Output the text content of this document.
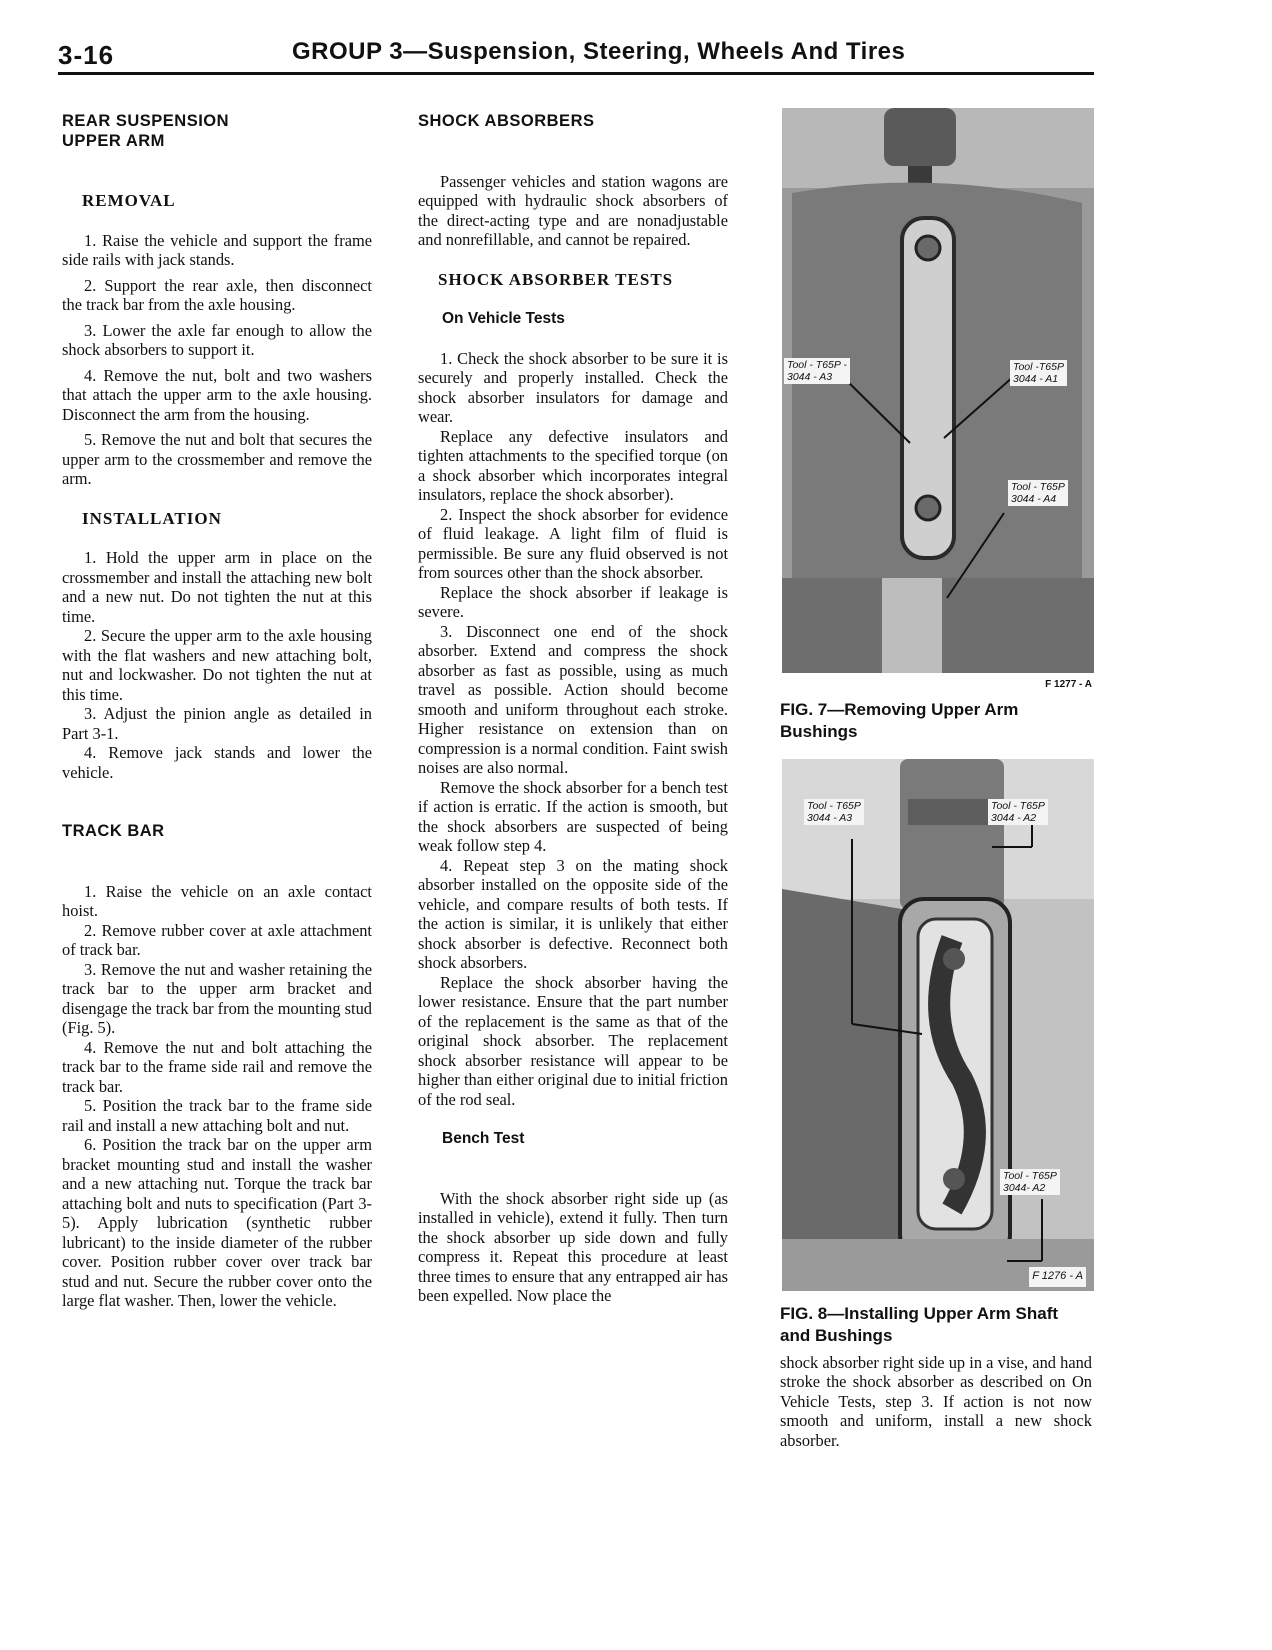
3-16	GROUP 3—Suspension, Steering, Wheels And Tires
REAR SUSPENSION
UPPER ARM
REMOVAL

1. Raise the vehicle and support the frame side rails with jack stands.

2. Support the rear axle, then disconnect the track bar from the axle housing.

3. Lower the axle far enough to allow the shock absorbers to support it.

4. Remove the nut, bolt and two washers that attach the upper arm to the axle housing. Disconnect the arm from the housing.

5. Remove the nut and bolt that secures the upper arm to the crossmember and remove the arm.

INSTALLATION

1. Hold the upper arm in place on the crossmember and install the attaching new bolt and a new nut. Do not tighten the nut at this time.

2. Secure the upper arm to the axle housing with the flat washers and new attaching bolt, nut and lockwasher. Do not tighten the nut at this time.

3. Adjust the pinion angle as detailed in Part 3-1.

4. Remove jack stands and lower the vehicle.

TRACK BAR

1. Raise the vehicle on an axle contact hoist.

2. Remove rubber cover at axle attachment of track bar.

3. Remove the nut and washer retaining the track bar to the upper arm bracket and disengage the track bar from the mounting stud (Fig. 5).

4. Remove the nut and bolt attaching the track bar to the frame side rail and remove the track bar.

5. Position the track bar to the frame side rail and install a new attaching bolt and nut.

6. Position the track bar on the upper arm bracket mounting stud and install the washer and a new attaching nut. Torque the track bar attaching bolt and nuts to specification (Part 3-5). Apply lubrication (synthetic rubber lubricant) to the inside diameter of the rubber cover. Position rubber cover over track bar stud and nut. Secure the rubber cover onto the large flat washer. Then, lower the vehicle.

SHOCK ABSORBERS

Passenger vehicles and station wagons are equipped with hydraulic shock absorbers of the direct-acting type and are nonadjustable and nonrefillable, and cannot be repaired.

SHOCK ABSORBER TESTS
On Vehicle Tests

1. Check the shock absorber to be sure it is securely and properly installed. Check the shock absorber insulators for damage and wear.

Replace any defective insulators and tighten attachments to the specified torque (on a shock absorber which incorporates integral insulators, replace the shock absorber).

2. Inspect the shock absorber for evidence of fluid leakage. A light film of fluid is permissible. Be sure any fluid observed is not from sources other than the shock absorber.

Replace the shock absorber if leakage is severe.

3. Disconnect one end of the shock absorber. Extend and compress the shock absorber as fast as possible, using as much travel as possible. Action should become smooth and uniform throughout each stroke. Higher resistance on extension than on compression is a normal condition. Faint swish noises are also normal.

Remove the shock absorber for a bench test if action is erratic. If the action is smooth, but the shock absorbers are suspected of being weak follow step 4.

4. Repeat step 3 on the mating shock absorber installed on the opposite side of the vehicle, and compare results of both tests. If the action is similar, it is unlikely that either shock absorber is defective. Reconnect both shock absorbers.

Replace the shock absorber having the lower resistance. Ensure that the part number of the replacement is the same as that of the original shock absorber. The replacement shock absorber resistance will appear to be higher than either original due to initial friction of the rod seal.

Bench Test

With the shock absorber right side up (as installed in vehicle), extend it fully. Then turn the shock absorber up side down and fully compress it. Repeat this procedure at least three times to ensure that any entrapped air has been expelled. Now place the

Tool - T65P -
3044 - A3
Tool -T65P
3044 - A1
Tool - T65P
3044 - A4
F 1277 - A
FIG. 7—Removing Upper Arm
Bushings
Tool - T65P
3044 - A3
Tool - T65P
3044 - A2
Tool - T65P
3044- A2
F 1276 - A
FIG. 8—Installing Upper Arm Shaft
and Bushings

shock absorber right side up in a vise, and hand stroke the shock absorber as described on On Vehicle Tests, step 3. If action is not now smooth and uniform, install a new shock absorber.
